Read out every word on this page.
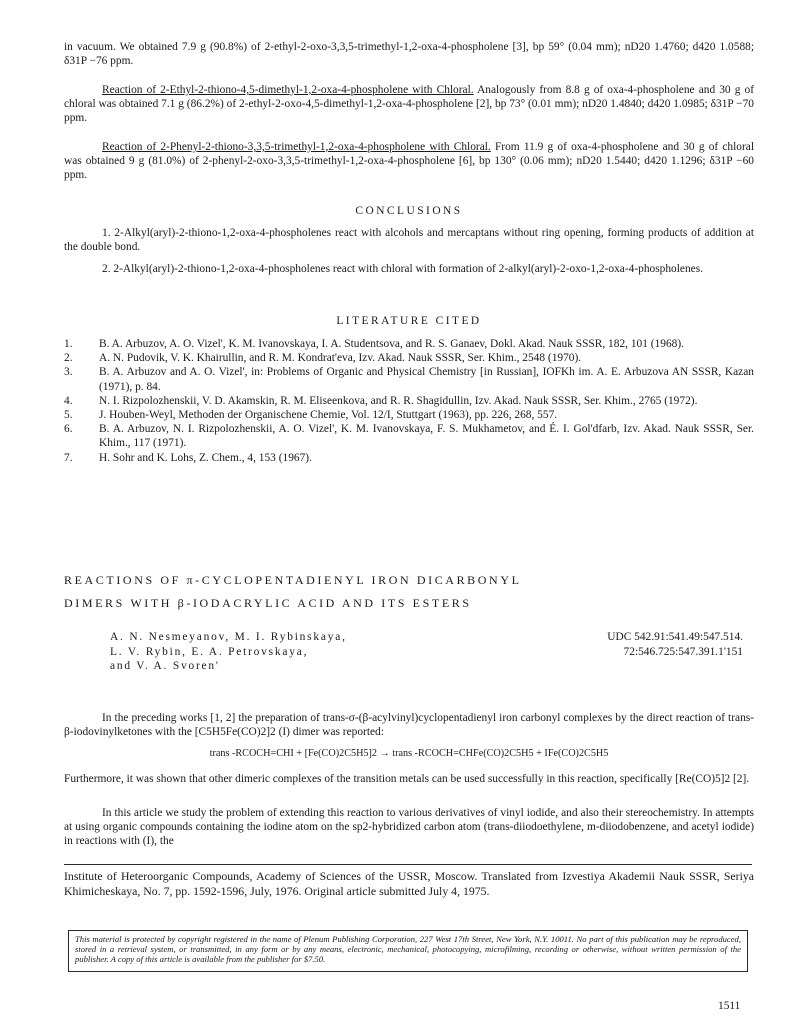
in vacuum. We obtained 7.9 g (90.8%) of 2-ethyl-2-oxo-3,3,5-trimethyl-1,2-oxa-4-phospholene [3], bp 59° (0.04 mm); nD20 1.4760; d420 1.0588; δ31P −76 ppm.

Reaction of 2-Ethyl-2-thiono-4,5-dimethyl-1,2-oxa-4-phospholene with Chloral. Analogously from 8.8 g of oxa-4-phospholene and 30 g of chloral was obtained 7.1 g (86.2%) of 2-ethyl-2-oxo-4,5-dimethyl-1,2-oxa-4-phospholene [2], bp 73° (0.01 mm); nD20 1.4840; d420 1.0985; δ31P −70 ppm.

Reaction of 2-Phenyl-2-thiono-3,3,5-trimethyl-1,2-oxa-4-phospholene with Chloral. From 11.9 g of oxa-4-phospholene and 30 g of chloral was obtained 9 g (81.0%) of 2-phenyl-2-oxo-3,3,5-trimethyl-1,2-oxa-4-phospholene [6], bp 130° (0.06 mm); nD20 1.5440; d420 1.1296; δ31P −60 ppm.

CONCLUSIONS

1. 2-Alkyl(aryl)-2-thiono-1,2-oxa-4-phospholenes react with alcohols and mercaptans without ring opening, forming products of addition at the double bond.

2. 2-Alkyl(aryl)-2-thiono-1,2-oxa-4-phospholenes react with chloral with formation of 2-alkyl(aryl)-2-oxo-1,2-oxa-4-phospholenes.

LITERATURE CITED
1. B. A. Arbuzov, A. O. Vizel', K. M. Ivanovskaya, I. A. Studentsova, and R. S. Ganaev, Dokl. Akad. Nauk SSSR, 182, 101 (1968).
2. A. N. Pudovik, V. K. Khairullin, and R. M. Kondrat'eva, Izv. Akad. Nauk SSSR, Ser. Khim., 2548 (1970).
3. B. A. Arbuzov and A. O. Vizel', in: Problems of Organic and Physical Chemistry [in Russian], IOFKh im. A. E. Arbuzova AN SSSR, Kazan (1971), p. 84.
4. N. I. Rizpolozhenskii, V. D. Akamskin, R. M. Eliseenkova, and R. R. Shagidullin, Izv. Akad. Nauk SSSR, Ser. Khim., 2765 (1972).
5. J. Houben-Weyl, Methoden der Organischene Chemie, Vol. 12/I, Stuttgart (1963), pp. 226, 268, 557.
6. B. A. Arbuzov, N. I. Rizpolozhenskii, A. O. Vizel', K. M. Ivanovskaya, F. S. Mukhametov, and É. I. Gol'dfarb, Izv. Akad. Nauk SSSR, Ser. Khim., 117 (1971).
7. H. Sohr and K. Lohs, Z. Chem., 4, 153 (1967).
REACTIONS OF π-CYCLOPENTADIENYL IRON DICARBONYL
DIMERS WITH β-IODACRYLIC ACID AND ITS ESTERS
A. N. Nesmeyanov, M. I. Rybinskaya,
L. V. Rybin, E. A. Petrovskaya,
and V. A. Svoren'
UDC 542.91:541.49:547.514.
72:546.725:547.391.1'151

In the preceding works [1, 2] the preparation of trans-σ-(β-acylvinyl)cyclopentadienyl iron carbonyl complexes by the direct reaction of trans-β-iodovinylketones with the [C5H5Fe(CO)2]2 (I) dimer was reported:

trans -RCOCH=CHI + [Fe(CO)2C5H5]2 → trans -RCOCH=CHFe(CO)2C5H5 + IFe(CO)2C5H5

Furthermore, it was shown that other dimeric complexes of the transition metals can be used successfully in this reaction, specifically [Re(CO)5]2 [2].

In this article we study the problem of extending this reaction to various derivatives of vinyl iodide, and also their stereochemistry. In attempts at using organic compounds containing the iodine atom on the sp2-hybridized carbon atom (trans-diiodoethylene, m-diiodobenzene, and acetyl iodide) in reactions with (I), the

Institute of Heteroorganic Compounds, Academy of Sciences of the USSR, Moscow. Translated from Izvestiya Akademii Nauk SSSR, Seriya Khimicheskaya, No. 7, pp. 1592-1596, July, 1976. Original article submitted July 4, 1975.

This material is protected by copyright registered in the name of Plenum Publishing Corporation, 227 West 17th Street, New York, N.Y. 10011. No part of this publication may be reproduced, stored in a retrieval system, or transmitted, in any form or by any means, electronic, mechanical, photocopying, microfilming, recording or otherwise, without written permission of the publisher. A copy of this article is available from the publisher for $7.50.
1511
